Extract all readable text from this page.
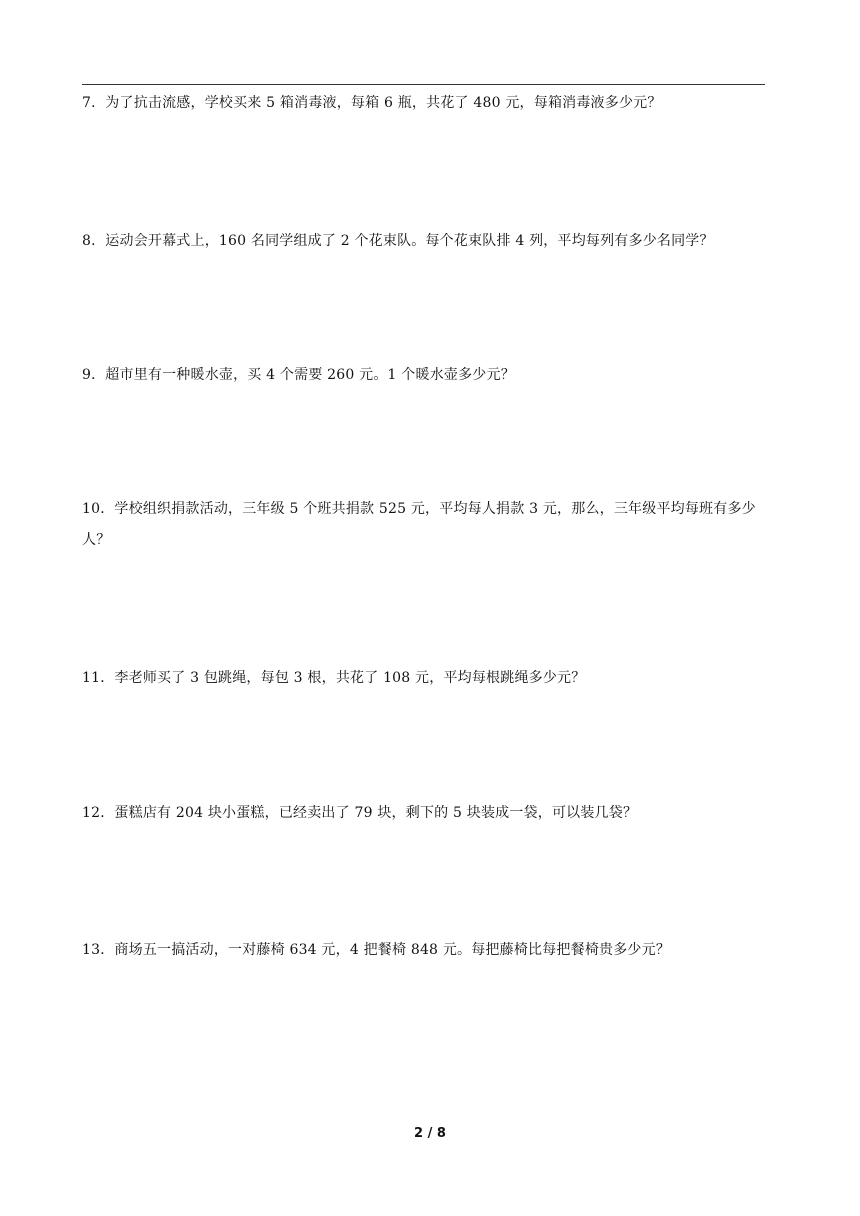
7．为了抗击流感，学校买来 5 箱消毒液，每箱 6 瓶，共花了 480 元，每箱消毒液多少元？
8．运动会开幕式上，160 名同学组成了 2 个花束队。每个花束队排 4 列，平均每列有多少名同学？
9．超市里有一种暖水壶，买 4 个需要 260 元。1 个暖水壶多少元？
10．学校组织捐款活动，三年级 5 个班共捐款 525 元，平均每人捐款 3 元，那么，三年级平均每班有多少人？
11．李老师买了 3 包跳绳，每包 3 根，共花了 108 元，平均每根跳绳多少元？
12．蛋糕店有 204 块小蛋糕，已经卖出了 79 块，剩下的 5 块装成一袋，可以装几袋？
13．商场五一搞活动，一对藤椅 634 元，4 把餐椅 848 元。每把藤椅比每把餐椅贵多少元？
2 / 8
